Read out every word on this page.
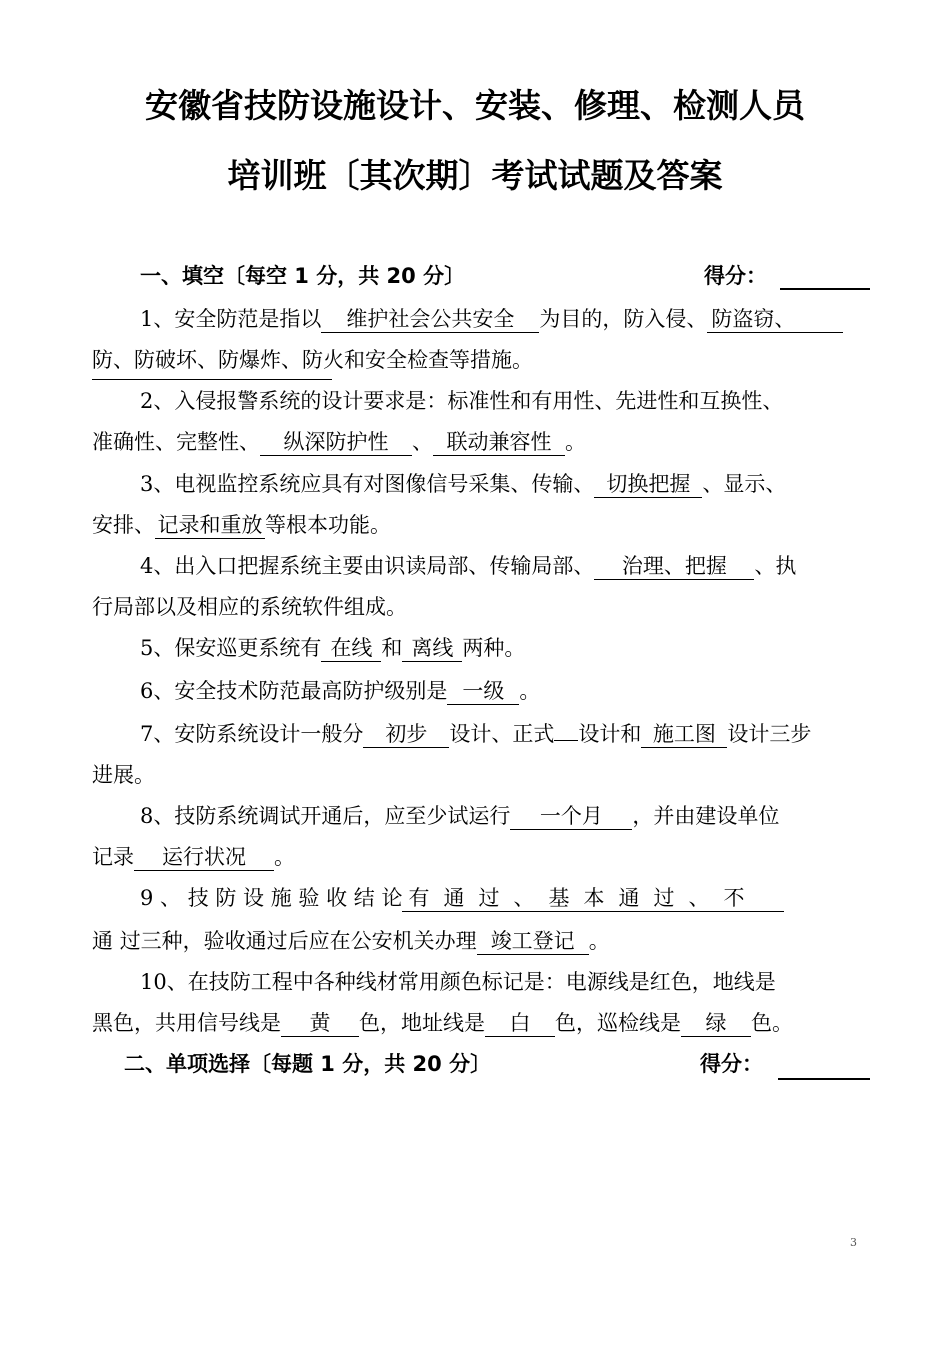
安徽省技防设施设计、安装、修理、检测人员
培训班〔其次期〕考试试题及答案
一、填空〔每空 1 分，共 20 分〕	得分：
1、安全防范是指以 维护社会公共安全 为目的，防入侵、 防盗窃、
防、防破坏、防爆炸、防火和安全检查等措施。
2、入侵报警系统的设计要求是：标准性和有用性、先进性和互换性、
准确性、完整性、 纵深防护性 、 联动兼容性 。
3、电视监控系统应具有对图像信号采集、传输、 切换把握 、显示、
安排、 记录和重放 等根本功能。
4、出入口把握系统主要由识读局部、传输局部、 治理、把握 、执
行局部以及相应的系统软件组成。
5、保安巡更系统有 在线 和 离线 两种。
6、安全技术防范最高防护级别是 一级 。
7、安防系统设计一般分 初步 设计、正式 设计和 施工图 设计三步
进展。
8、技防系统调试开通后，应至少试运行 一个月 ，并由建设单位
记录 运行状况 。
9 、 技 防 设 施 验 收 结 论 有通过、基本通过、不
通 过三种，验收通过后应在公安机关办理 竣工登记 。
10、在技防工程中各种线材常用颜色标记是：电源线是红色，地线是
黑色，共用信号线是 黄 色，地址线是 白 色，巡检线是 绿 色。
二、单项选择〔每题 1 分，共 20 分〕	得分：
3
